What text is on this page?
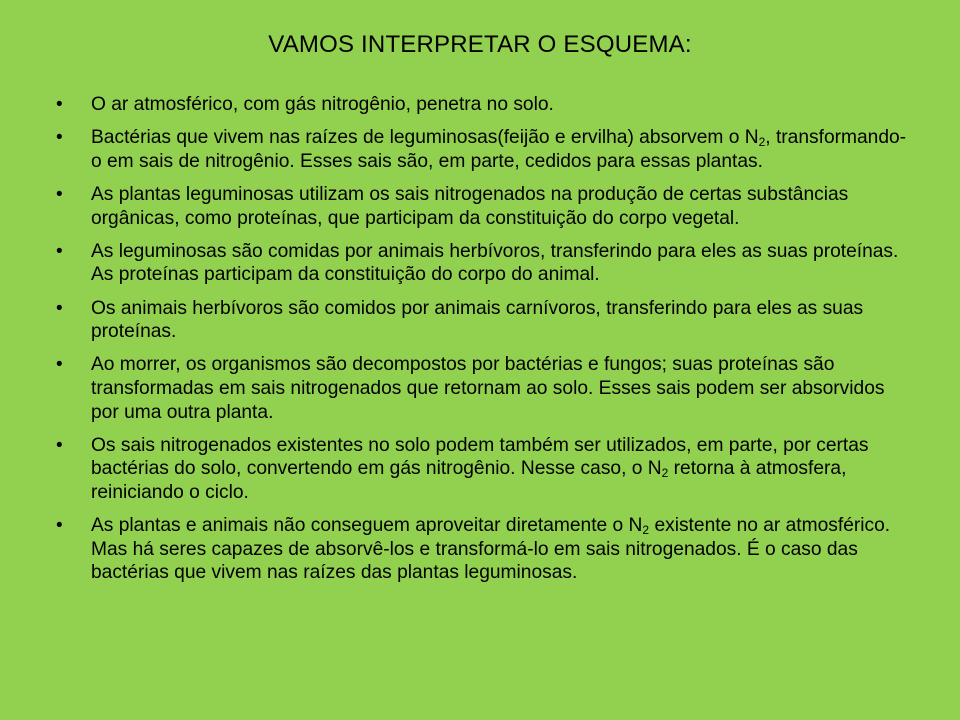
VAMOS INTERPRETAR O ESQUEMA:
• O ar atmosférico, com gás nitrogênio, penetra no solo.
• Bactérias que vivem nas raízes de leguminosas(feijão e ervilha) absorvem o $N_2$, transformando-o em sais de nitrogênio. Esses sais são, em parte, cedidos para essas plantas.
• As plantas leguminosas utilizam os sais nitrogenados na produção de certas substâncias orgânicas, como proteínas, que participam da constituição do corpo vegetal.
• As leguminosas são comidas por animais herbívoros, transferindo para eles as suas proteínas. As proteínas participam da constituição do corpo do animal.
• Os animais herbívoros são comidos por animais carnívoros, transferindo para eles as suas proteínas.
• Ao morrer, os organismos são decompostos por bactérias e fungos; suas proteínas são transformadas em sais nitrogenados que retornam ao solo. Esses sais podem ser absorvidos por uma outra planta.
• Os sais nitrogenados existentes no solo podem também ser utilizados, em parte, por certas bactérias do solo, convertendo em gás nitrogênio. Nesse caso, o $N_2$ retorna à atmosfera, reiniciando o ciclo.
• As plantas e animais não conseguem aproveitar diretamente o $N_2$ existente no ar atmosférico. Mas há seres capazes de absorvê-los e transformá-lo em sais nitrogenados. É o caso das bactérias que vivem nas raízes das plantas leguminosas.
